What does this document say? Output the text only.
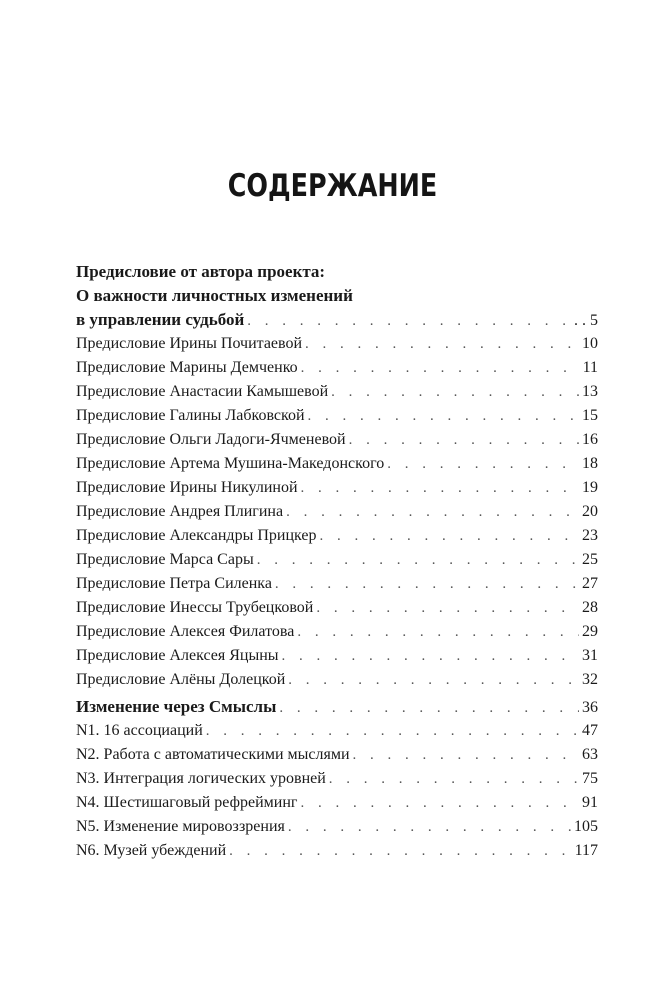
СОДЕРЖАНИЕ
Предисловие от автора проекта:
О важности личностных изменений
в управлении судьбой . . .	. . 5
Предисловие Ирины Почитаевой . . .	10
Предисловие Марины Демченко . . .	11
Предисловие Анастасии Камышевой . . .	13
Предисловие Галины Лабковской . . .	15
Предисловие Ольги Ладоги-Ячменевой . . .	16
Предисловие Артема Мушина-Македонского . . .	18
Предисловие Ирины Никулиной . . .	19
Предисловие Андрея Плигина . . .	20
Предисловие Александры Прицкер . . .	23
Предисловие Марса Сары . . .	25
Предисловие Петра Силенка . . .	27
Предисловие Инессы Трубецковой . . .	28
Предисловие Алексея Филатова . . .	29
Предисловие Алексея Яцыны . . .	31
Предисловие Алёны Долецкой . . .	32
Изменение через Смыслы . . .	36
N1. 16 ассоциаций . . .	47
N2. Работа с автоматическими мыслями . . .	63
N3. Интеграция логических уровней . . .	75
N4. Шестишаговый рефрейминг . . .	91
N5. Изменение мировоззрения . . .	105
N6. Музей убеждений . . .	117
